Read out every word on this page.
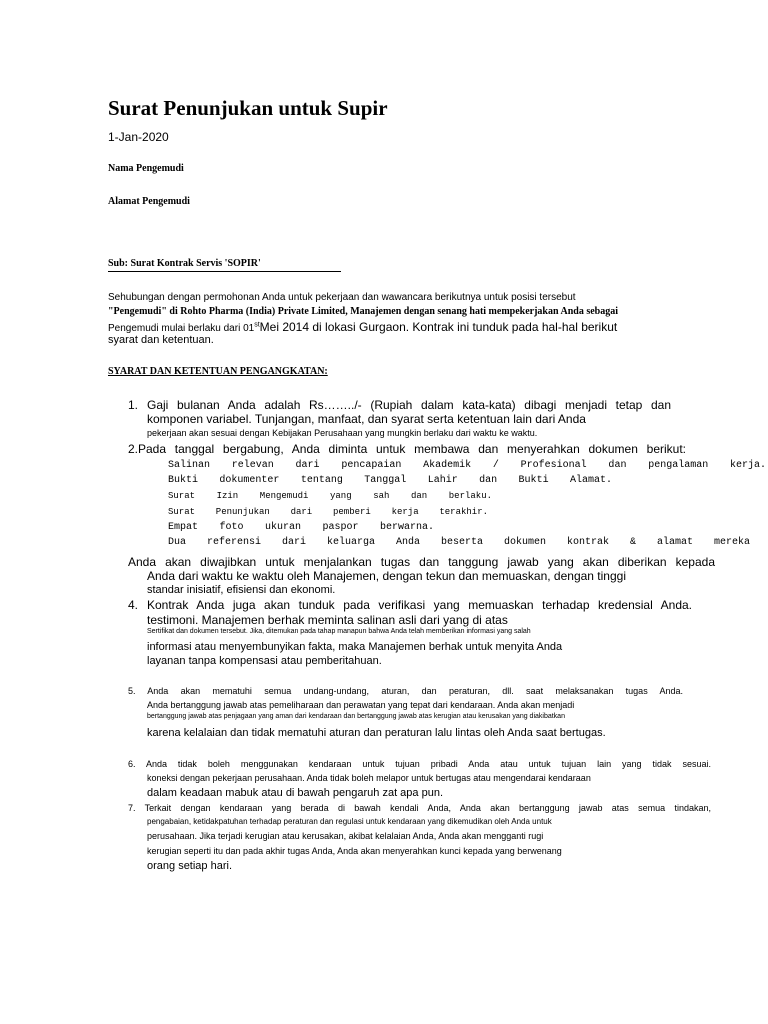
Surat Penunjukan untuk Supir
1-Jan-2020
Nama Pengemudi
Alamat Pengemudi
Sub: Surat Kontrak Servis 'SOPIR'
Sehubungan dengan permohonan Anda untuk pekerjaan dan wawancara berikutnya untuk posisi tersebut
"Pengemudi" di Rohto Pharma (India) Private Limited, Manajemen dengan senang hati mempekerjakan Anda sebagai
Pengemudi mulai berlaku dari 01stMei 2014 di lokasi Gurgaon. Kontrak ini tunduk pada hal-hal berikut
syarat dan ketentuan.
SYARAT DAN KETENTUAN PENGANGKATAN:
1. Gaji bulanan Anda adalah Rs……../- (Rupiah dalam kata-kata) dibagi menjadi tetap dan
komponen variabel. Tunjangan, manfaat, dan syarat serta ketentuan lain dari Anda
pekerjaan akan sesuai dengan Kebijakan Perusahaan yang mungkin berlaku dari waktu ke waktu.
2.Pada tanggal bergabung, Anda diminta untuk membawa dan menyerahkan dokumen berikut:
Salinan relevan dari pencapaian Akademik / Profesional dan pengalaman kerja.
Bukti dokumenter tentang Tanggal Lahir dan Bukti Alamat.
Surat Izin Mengemudi yang sah dan berlaku.
Surat Penunjukan dari pemberi kerja terakhir.
Empat foto ukuran paspor berwarna.
Dua referensi dari keluarga Anda beserta dokumen kontrak & alamat mereka
Anda akan diwajibkan untuk menjalankan tugas dan tanggung jawab yang akan diberikan kepada
Anda dari waktu ke waktu oleh Manajemen, dengan tekun dan memuaskan, dengan tinggi
standar inisiatif, efisiensi dan ekonomi.
4. Kontrak Anda juga akan tunduk pada verifikasi yang memuaskan terhadap kredensial Anda.
testimoni. Manajemen berhak meminta salinan asli dari yang di atas
Sertifikat dan dokumen tersebut. Jika, ditemukan pada tahap manapun bahwa Anda telah memberikan informasi yang salah
informasi atau menyembunyikan fakta, maka Manajemen berhak untuk menyita Anda
layanan tanpa kompensasi atau pemberitahuan.
5. Anda akan mematuhi semua undang-undang, aturan, dan peraturan, dll. saat melaksanakan tugas Anda.
Anda bertanggung jawab atas pemeliharaan dan perawatan yang tepat dari kendaraan. Anda akan menjadi
bertanggung jawab atas penjagaan yang aman dari kendaraan dan bertanggung jawab atas kerugian atau kerusakan yang diakibatkan
karena kelalaian dan tidak mematuhi aturan dan peraturan lalu lintas oleh Anda saat bertugas.
6. Anda tidak boleh menggunakan kendaraan untuk tujuan pribadi Anda atau untuk tujuan lain yang tidak sesuai.
koneksi dengan pekerjaan perusahaan. Anda tidak boleh melapor untuk bertugas atau mengendarai kendaraan
dalam keadaan mabuk atau di bawah pengaruh zat apa pun.
7. Terkait dengan kendaraan yang berada di bawah kendali Anda, Anda akan bertanggung jawab atas semua tindakan,
pengabaian, ketidakpatuhan terhadap peraturan dan regulasi untuk kendaraan yang dikemudikan oleh Anda untuk
perusahaan. Jika terjadi kerugian atau kerusakan, akibat kelalaian Anda, Anda akan mengganti rugi
kerugian seperti itu dan pada akhir tugas Anda, Anda akan menyerahkan kunci kepada yang berwenang
orang setiap hari.
